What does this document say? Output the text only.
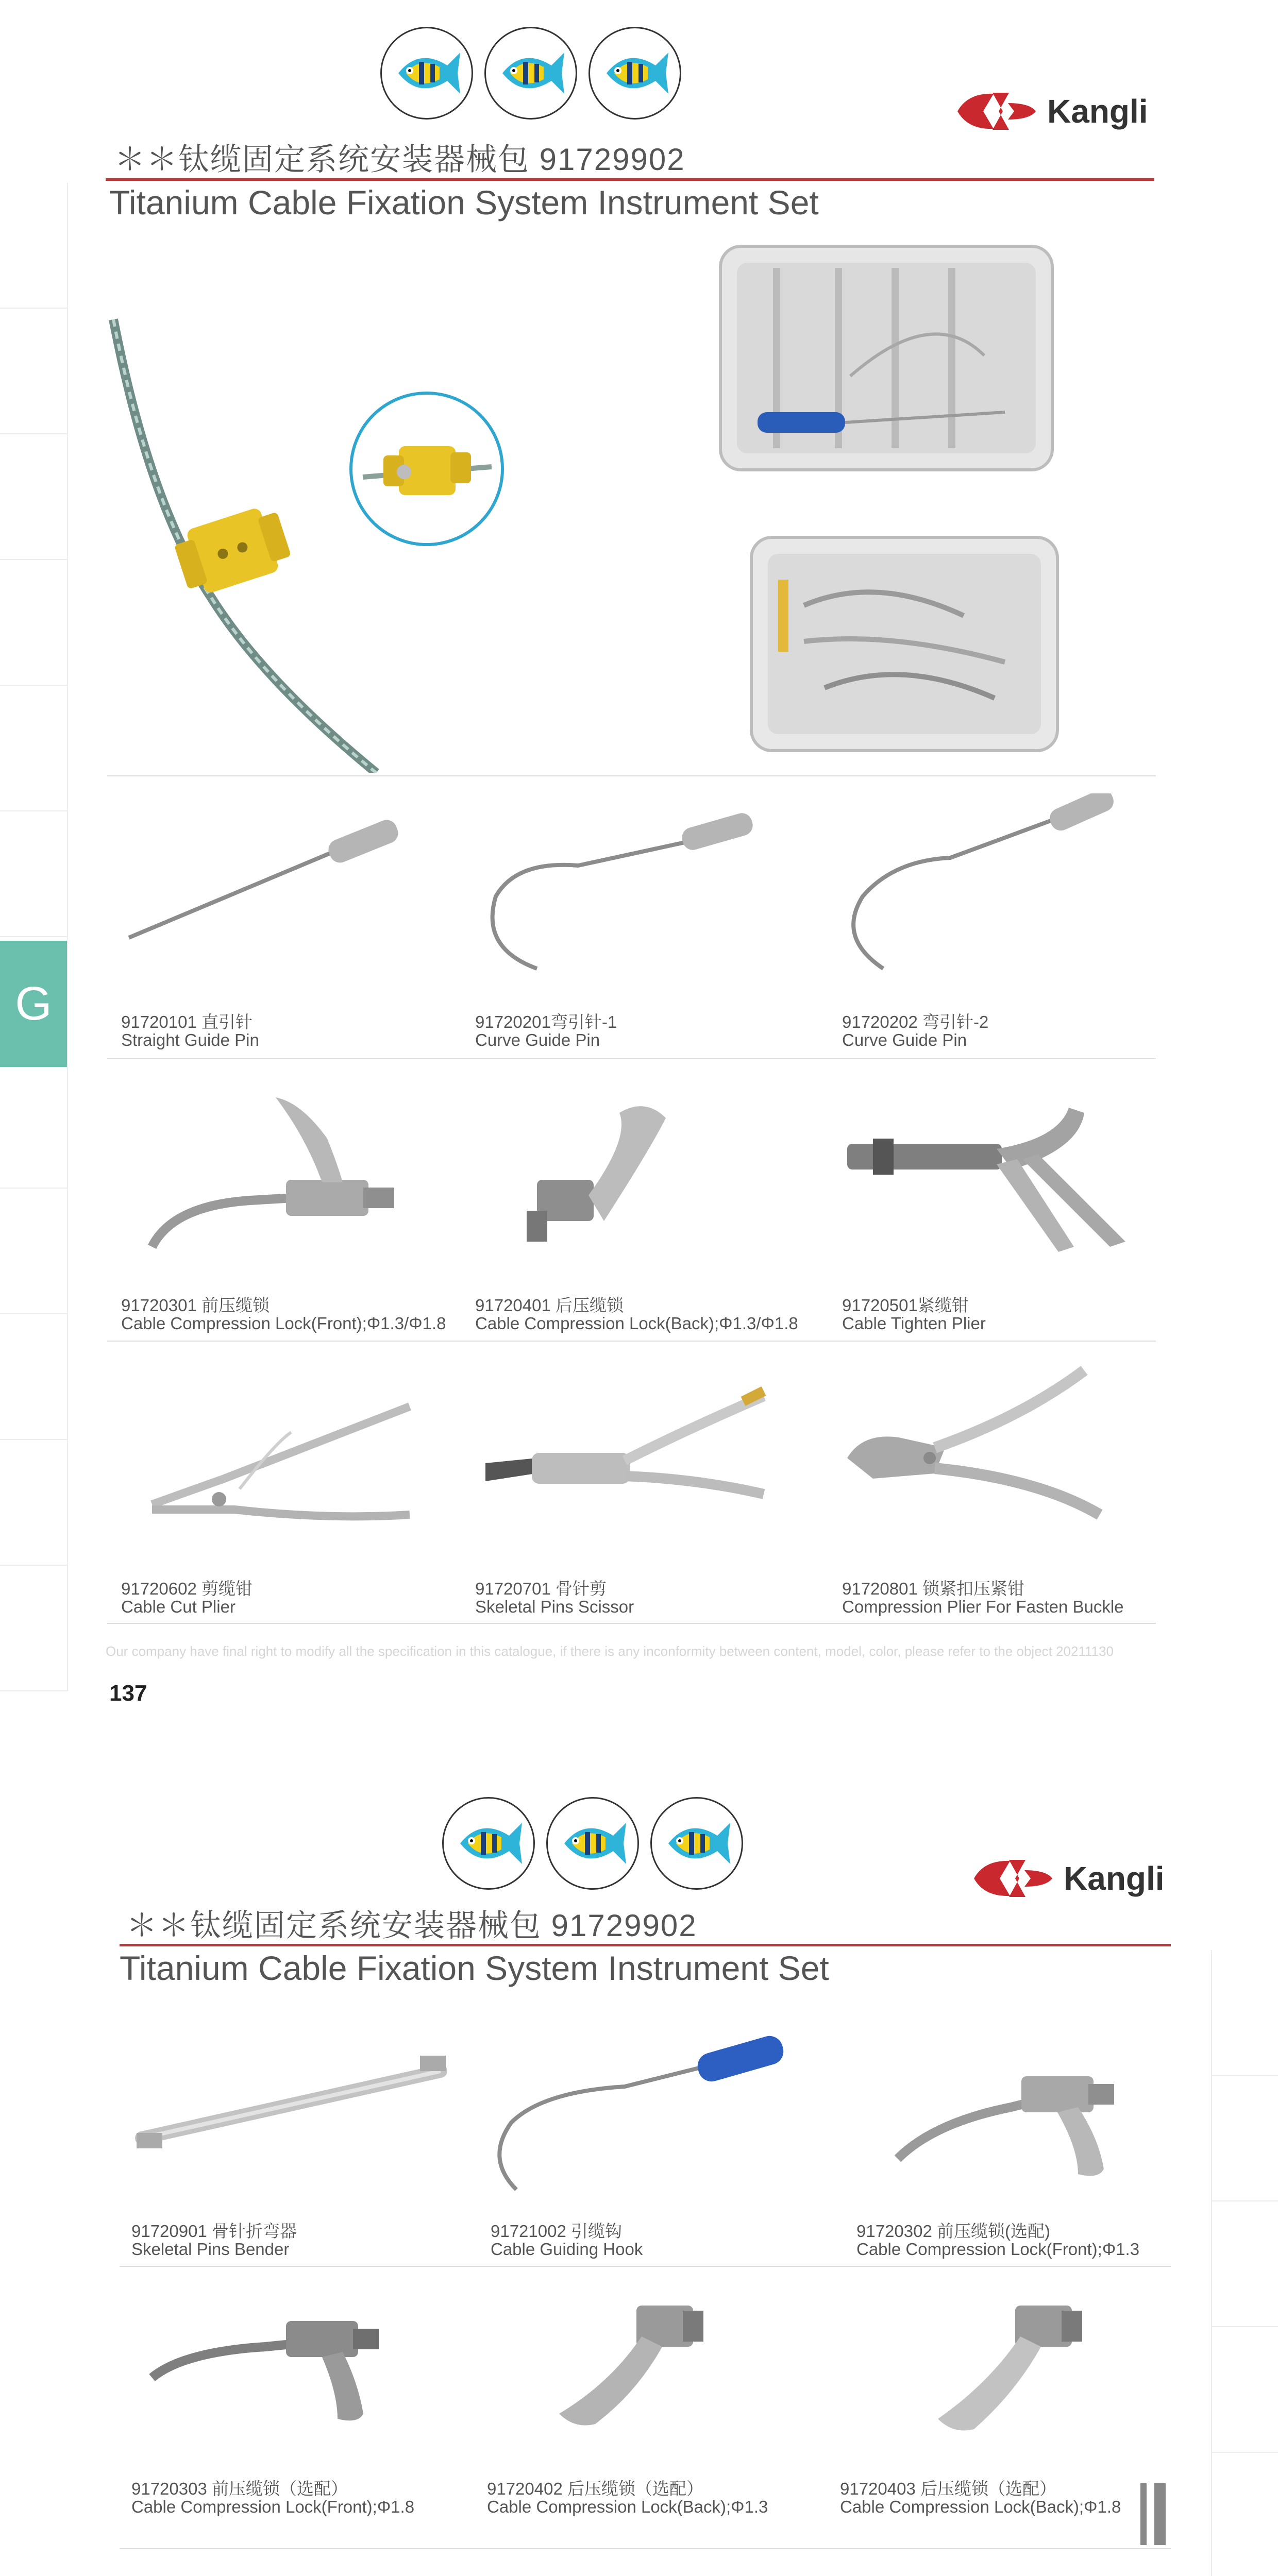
G
Kangli
＊＊钛缆固定系统安装器械包 91729902
Titanium Cable Fixation System Instrument Set
91720101 直引针
Straight Guide Pin
91720201弯引针-1
Curve Guide Pin
91720202 弯引针-2
Curve Guide Pin
91720301 前压缆锁
Cable Compression Lock(Front);Φ1.3/Φ1.8
91720401 后压缆锁
Cable Compression Lock(Back);Φ1.3/Φ1.8
91720501紧缆钳
Cable Tighten Plier
91720602 剪缆钳
Cable Cut Plier
91720701 骨针剪
Skeletal Pins Scissor
91720801 锁紧扣压紧钳
Compression Plier For Fasten Buckle
Our company have final right to modify all the specification in this catalogue, if there is any inconformity between content, model, color, please refer to the object 20211130
137
Kangli
＊＊钛缆固定系统安装器械包 91729902
Titanium Cable Fixation System Instrument Set
91720901 骨针折弯器
Skeletal Pins Bender
91721002 引缆钩
Cable Guiding Hook
91720302 前压缆锁(选配)
Cable Compression Lock(Front);Φ1.3
91720303 前压缆锁（选配）
Cable Compression Lock(Front);Φ1.8
91720402 后压缆锁（选配）
Cable Compression Lock(Back);Φ1.3
91720403 后压缆锁（选配）
Cable Compression Lock(Back);Φ1.8
